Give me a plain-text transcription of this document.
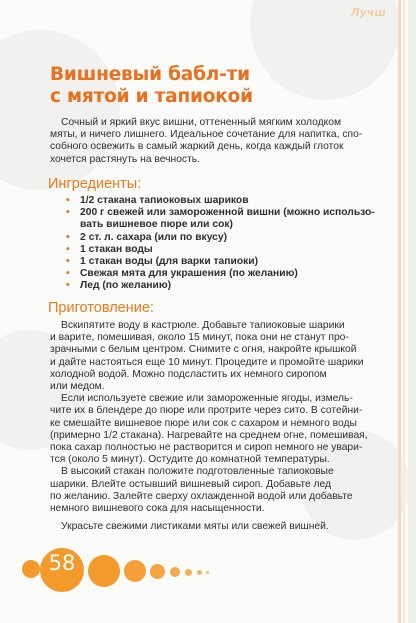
Лучш
Вишневый бабл-ти
с мятой и тапиокой
Сочный и яркий вкус вишни, оттененный мягким холодком
мяты, и ничего лишнего. Идеальное сочетание для напитка, спо-
собного освежить в самый жаркий день, когда каждый глоток
хочется растянуть на вечность.
Ингредиенты:
• 1/2 стакана тапиоковых шариков
• 200 г свежей или замороженной вишни (можно использо-
вать вишневое пюре или сок)
• 2 ст. л. сахара (или по вкусу)
• 1 стакан воды
• 1 стакан воды (для варки тапиоки)
• Свежая мята для украшения (по желанию)
• Лед (по желанию)
Приготовление:

Вскипятите воду в кастрюле. Добавьте тапиоковые шарики
и варите, помешивая, около 15 минут, пока они не станут про-
зрачными с белым центром. Снимите с огня, накройте крышкой
и дайте настояться еще 10 минут. Процедите и промойте шарики
холодной водой. Можно подсластить их немного сиропом
или медом.

Если используете свежие или замороженные ягоды, измель-
чите их в блендере до пюре или протрите через сито. В сотейни-
ке смешайте вишневое пюре или сок с сахаром и немного воды
(примерно 1/2 стакана). Нагревайте на среднем огне, помешивая,
пока сахар полностью не растворится и сироп немного не увари-
тся (около 5 минут). Остудите до комнатной температуры.

В высокий стакан положите подготовленные тапиоковые
шарики. Влейте остывший вишневый сироп. Добавьте лед
по желанию. Залейте сверху охлажденной водой или добавьте
немного вишневого сока для насыщенности.

Украсьте свежими листиками мяты или свежей вишней.

58
